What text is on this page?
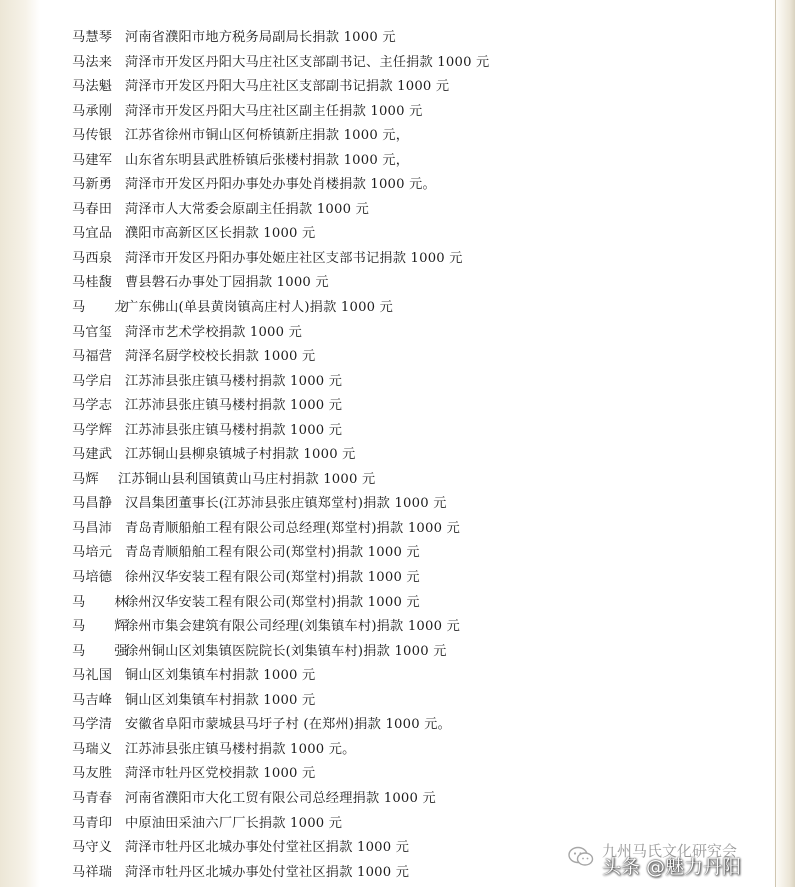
马慧琴 河南省濮阳市地方税务局副局长捐款 1000 元
马法来 菏泽市开发区丹阳大马庄社区支部副书记、主任捐款 1000 元
马法魁 菏泽市开发区丹阳大马庄社区支部副书记捐款 1000 元
马承刚 菏泽市开发区丹阳大马庄社区副主任捐款 1000 元
马传银 江苏省徐州市铜山区何桥镇新庄捐款 1000 元，
马建军 山东省东明县武胜桥镇后张楼村捐款 1000 元，
马新勇 菏泽市开发区丹阳办事处办事处肖楼捐款 1000 元。
马春田 菏泽市人大常委会原副主任捐款 1000 元
马宜品 濮阳市高新区区长捐款 1000 元
马西泉 菏泽市开发区丹阳办事处姬庄社区支部书记捐款 1000 元
马桂馥 曹县磐石办事处丁园捐款 1000 元
马　龙广东佛山(单县黄岗镇高庄村人)捐款 1000 元
马官玺 菏泽市艺术学校捐款 1000 元
马福营 菏泽名厨学校校长捐款 1000 元
马学启 江苏沛县张庄镇马楼村捐款 1000 元
马学志 江苏沛县张庄镇马楼村捐款 1000 元
马学辉 江苏沛县张庄镇马楼村捐款 1000 元
马建武 江苏铜山县柳泉镇城子村捐款 1000 元
马辉 江苏铜山县利国镇黄山马庄村捐款 1000 元
马昌静 汉昌集团董事长(江苏沛县张庄镇郑堂村)捐款 1000 元
马昌沛 青岛青顺船舶工程有限公司总经理(郑堂村)捐款 1000 元
马培元 青岛青顺船舶工程有限公司(郑堂村)捐款 1000 元
马培德 徐州汉华安装工程有限公司(郑堂村)捐款 1000 元
马　林徐州汉华安装工程有限公司(郑堂村)捐款 1000 元
马　辉徐州市集会建筑有限公司经理(刘集镇车村)捐款 1000 元
马　强徐州铜山区刘集镇医院院长(刘集镇车村)捐款 1000 元
马礼国 铜山区刘集镇车村捐款 1000 元
马吉峰 铜山区刘集镇车村捐款 1000 元
马学清 安徽省阜阳市蒙城县马圩子村 (在郑州)捐款 1000 元。
马瑞义 江苏沛县张庄镇马楼村捐款 1000 元。
马友胜 菏泽市牡丹区党校捐款 1000 元
马青春 河南省濮阳市大化工贸有限公司总经理捐款 1000 元
马青印 中原油田采油六厂厂长捐款 1000 元
马守义 菏泽市牡丹区北城办事处付堂社区捐款 1000 元
马祥瑞 菏泽市牡丹区北城办事处付堂社区捐款 1000 元
九州马氏文化研究会
头条 @魅力丹阳
